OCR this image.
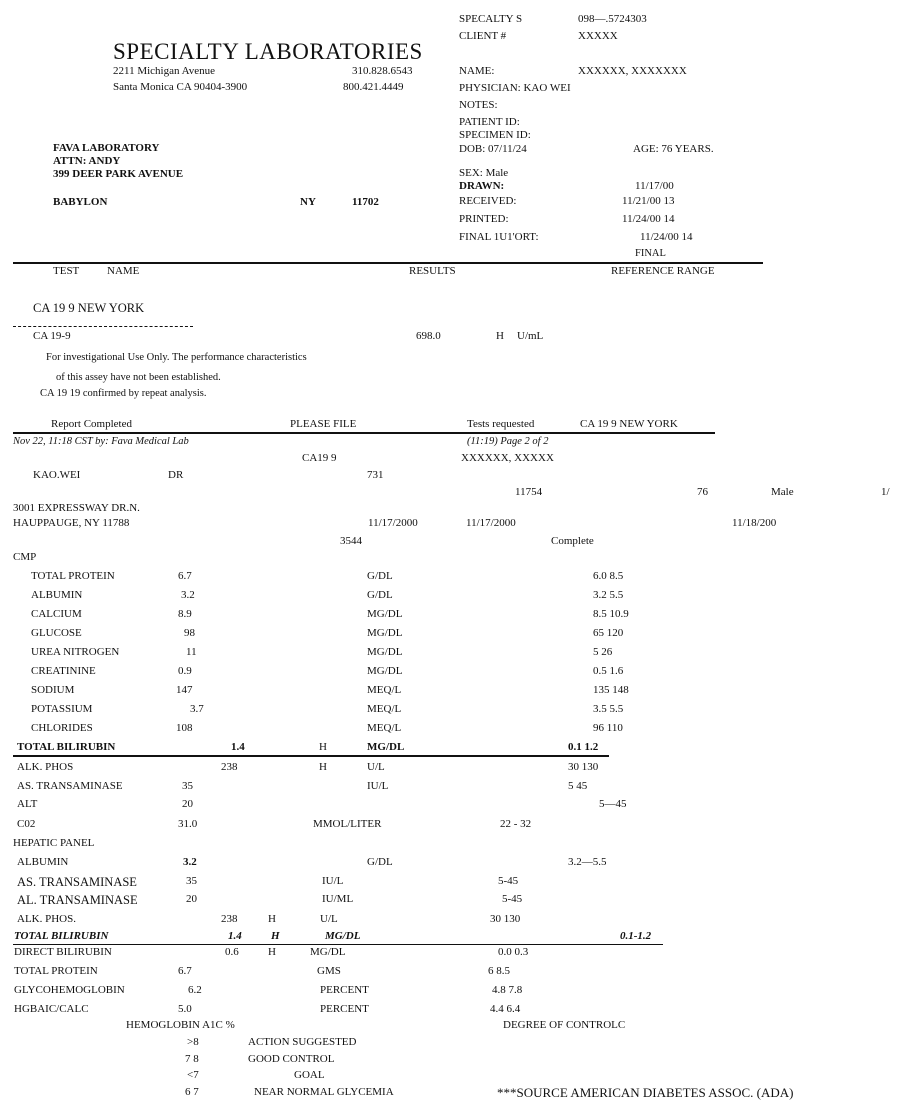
SPECIALTY LABORATORIES
2211 Michigan Avenue
Santa Monica CA 90404-3900
310.828.6543
800.421.4449
SPECALTY S	098—.5724303
CLIENT #	XXXXX
NAME:	XXXXXX, XXXXXXX
PHYSICIAN: KAO WEI
NOTES:
PATIENT ID:
SPECIMEN ID:
DOB: 07/11/24	AGE: 76 YEARS.
SEX: Male
DRAWN:	11/17/00
RECEIVED:	11/21/00 13
PRINTED:	11/24/00 14
FINAL 1U1'ORT:	11/24/00 14
FINAL
FAVA LABORATORY
ATTN: ANDY
399 DEER PARK AVENUE
BABYLON	NY	11702
TEST	NAME	RESULTS	REFERENCE RANGE
CA 19 9 NEW YORK
CA 19-9	698.0	H U/mL
For investigational Use Only. The performance characteristics
of this assey have not been established.
CA 19 19 confirmed by repeat analysis.
Report Completed	PLEASE FILE	Tests requested	CA 19 9 NEW YORK
Nov 22, 11:18 CST by: Fava Medical Lab	(11:19) Page 2 of 2
CA19 9	XXXXXX, XXXXX
KAO.WEI	DR	731
11754	76	Male	1/
3001 EXPRESSWAY DR.N.
HAUPPAUGE, NY 11788	11/17/2000	11/17/2000	11/18/200
3544	Complete
CMP
TOTAL PROTEIN	6.7	G/DL	6.0 8.5
ALBUMIN	3.2	G/DL	3.2 5.5
CALCIUM	8.9	MG/DL	8.5 10.9
GLUCOSE	98	MG/DL	65 120
UREA NITROGEN	11	MG/DL	5 26
CREATININE	0.9	MG/DL	0.5 1.6
SODIUM	147	MEQ/L	135 148
POTASSIUM	3.7	MEQ/L	3.5 5.5
CHLORIDES	108	MEQ/L	96 110
TOTAL BILIRUBIN	1.4	H	MG/DL	0.1 1.2
ALK. PHOS	238	H	U/L	30 130
AS. TRANSAMINASE	35	IU/L	5 45
ALT	20	5—45
C02	31.0	MMOL/LITER	22 - 32
HEPATIC PANEL
ALBUMIN	3.2	G/DL	3.2—5.5
AS. TRANSAMINASE	35	IU/L	5-45
AL. TRANSAMINASE	20	IU/ML	5-45
ALK. PHOS.	238	H	U/L	30 130
TOTAL BILIRUBIN	1.4	H	MG/DL	0.1-1.2
DIRECT BILIRUBIN	0.6	H	MG/DL	0.0 0.3
TOTAL PROTEIN	6.7	GMS	6 8.5
GLYCOHEMOGLOBIN	6.2	PERCENT	4.8 7.8
HGBAIC/CALC	5.0	PERCENT	4.4 6.4
HEMOGLOBIN A1C %	DEGREE OF CONTROLC
>8	ACTION SUGGESTED
7 8	GOOD CONTROL
<7	GOAL
6 7	NEAR NORMAL GLYCEMIA	***SOURCE AMERICAN DIABETES ASSOC. (ADA)
